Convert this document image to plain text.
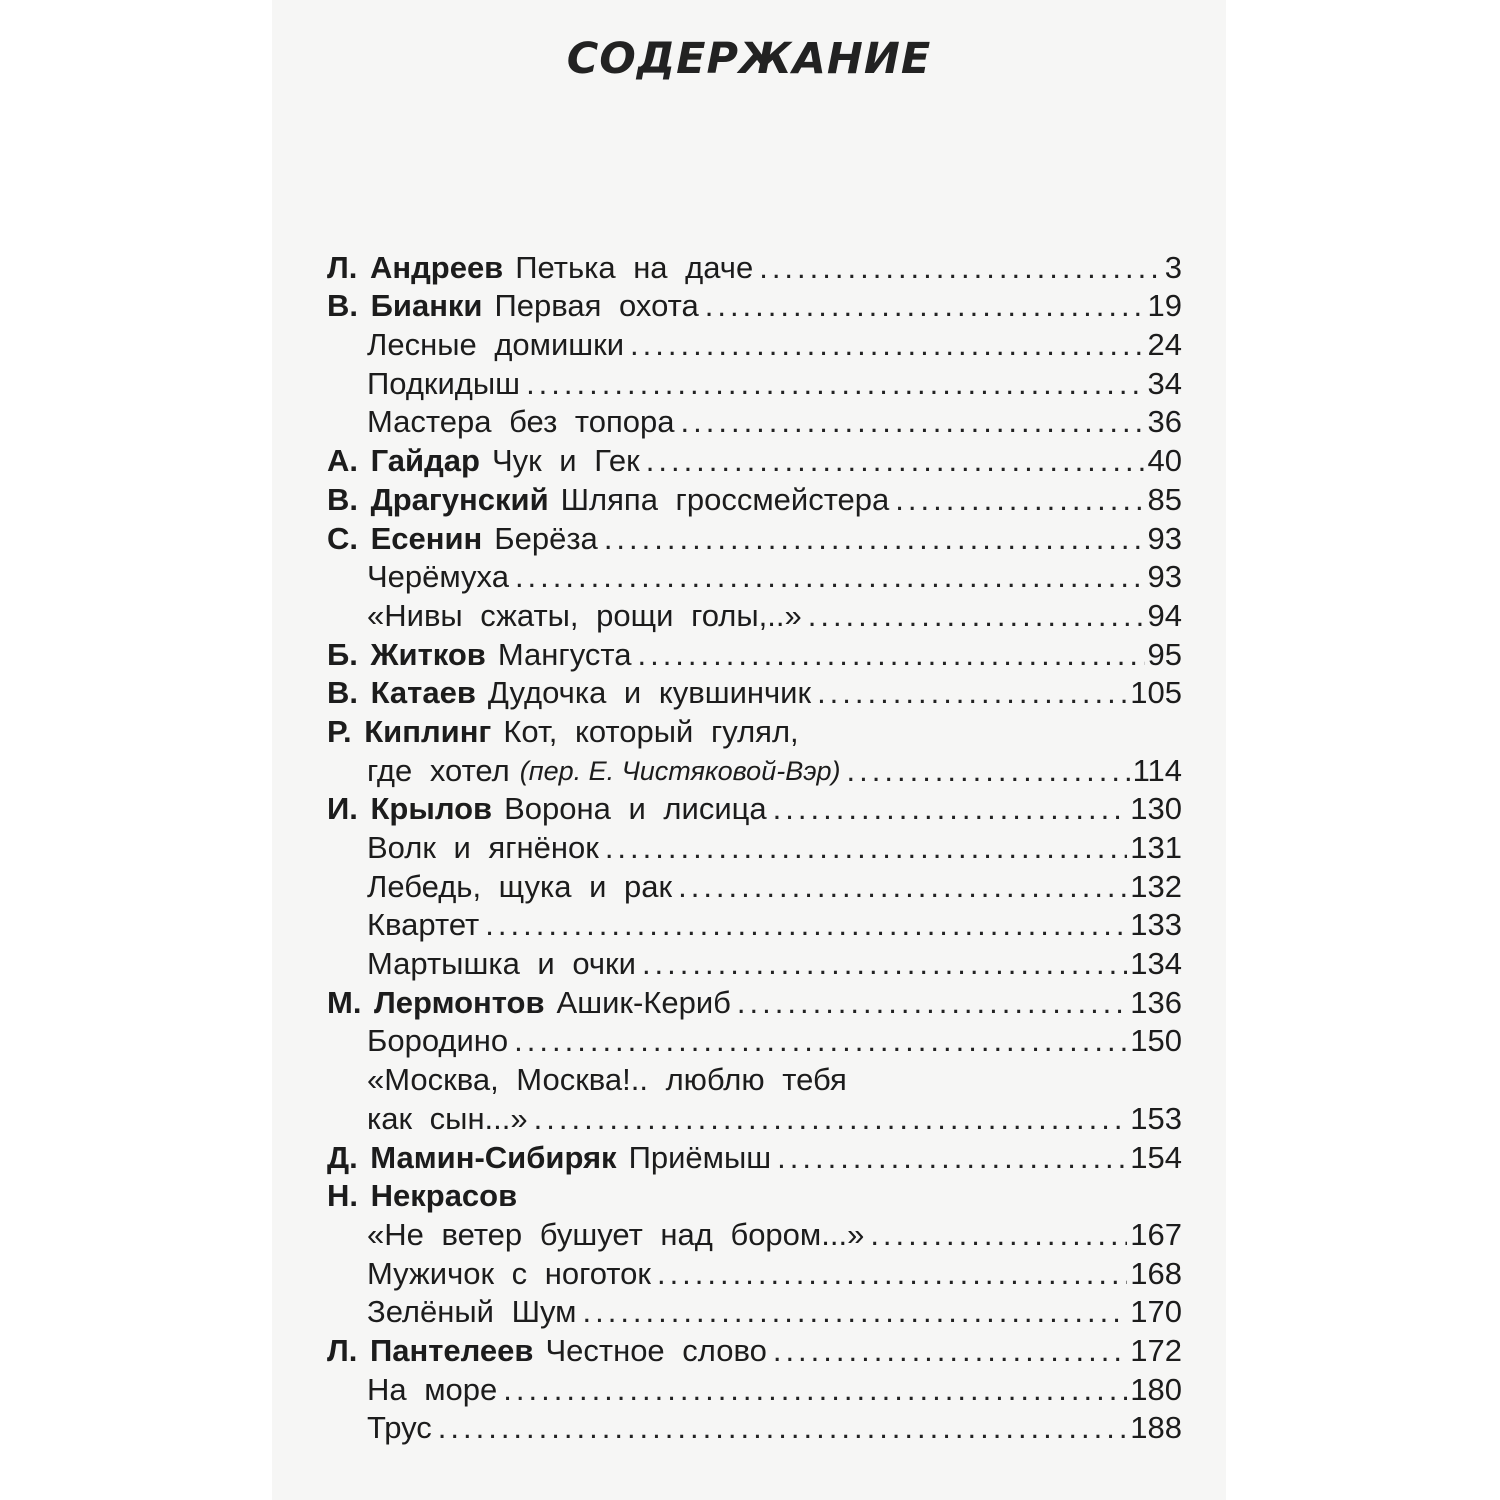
СОДЕРЖАНИЕ
Л. Андреев Петька на даче .....	3
В. Бианки Первая охота .....	19
Лесные домишки .....	24
Подкидыш .....	34
Мастера без топора .....	36
А. Гайдар Чук и Гек .....	40
В. Драгунский Шляпа гроссмейстера .....	85
С. Есенин Берёза .....	93
Черёмуха .....	93
«Нивы сжаты, рощи голы,..» .....	94
Б. Житков Мангуста .....	95
В. Катаев Дудочка и кувшинчик .....	105
Р. Киплинг Кот, который гулял,
где хотел (пер. Е. Чистяковой-Вэр) .....	114
И. Крылов Ворона и лисица .....	130
Волк и ягнёнок .....	131
Лебедь, щука и рак .....	132
Квартет .....	133
Мартышка и очки .....	134
М. Лермонтов Ашик-Кериб .....	136
Бородино .....	150
«Москва, Москва!.. люблю тебя
как сын...» .....	153
Д. Мамин-Сибиряк Приёмыш .....	154
Н. Некрасов
«Не ветер бушует над бором...» .....	167
Мужичок с ноготок .....	168
Зелёный Шум .....	170
Л. Пантелеев Честное слово .....	172
На море .....	180
Трус .....	188
